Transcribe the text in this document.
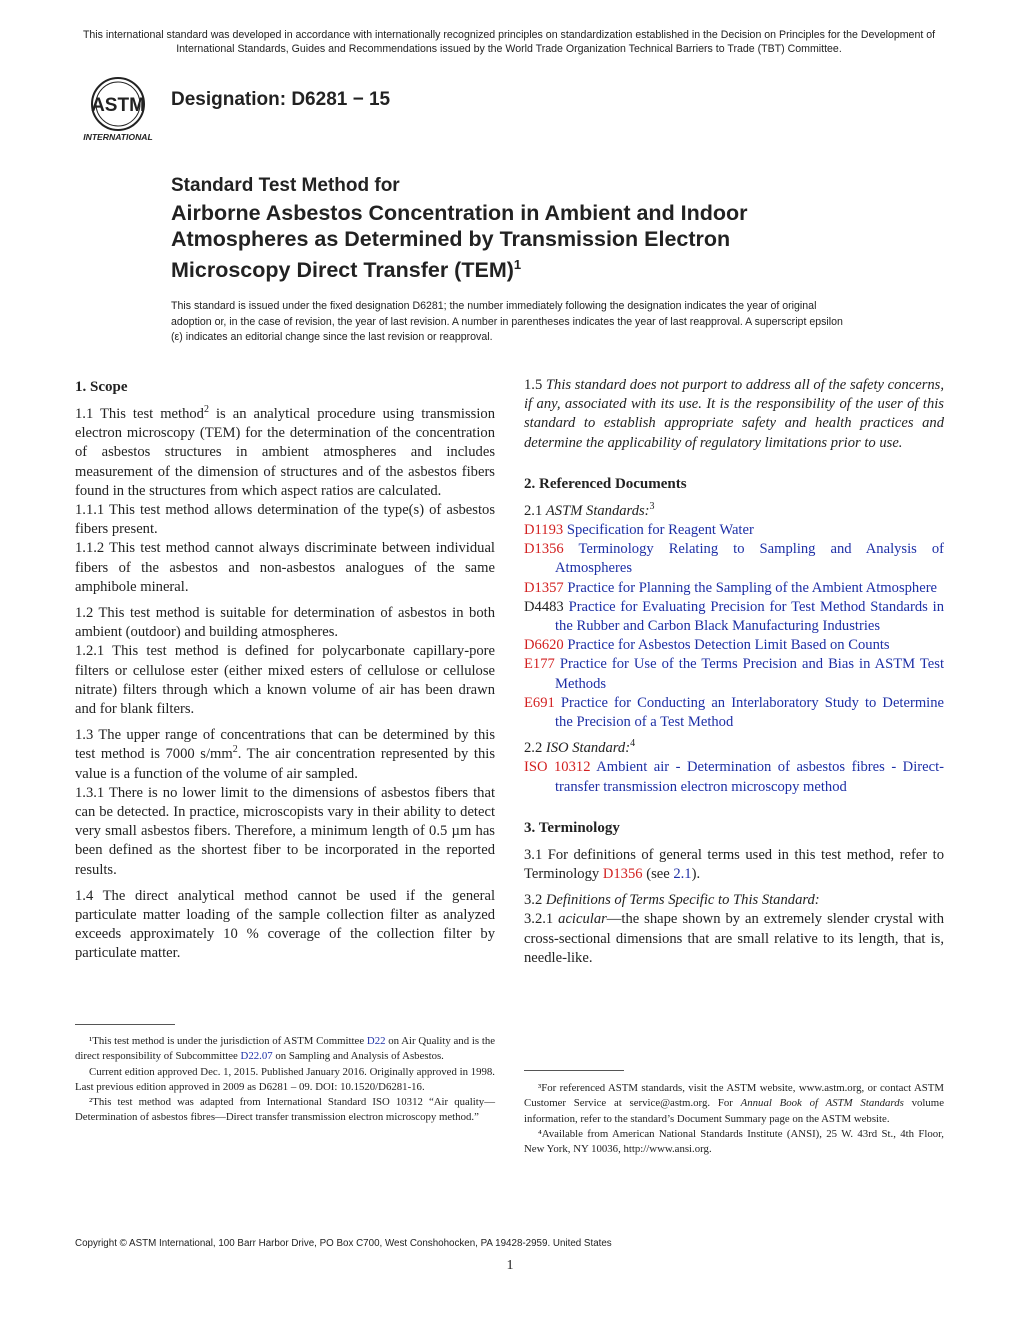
This international standard was developed in accordance with internationally recognized principles on standardization established in the Decision on Principles for the Development of International Standards, Guides and Recommendations issued by the World Trade Organization Technical Barriers to Trade (TBT) Committee.
ASTM
INTERNATIONAL
Designation: D6281 − 15
Standard Test Method for
Airborne Asbestos Concentration in Ambient and Indoor
Atmospheres as Determined by Transmission Electron
Microscopy Direct Transfer (TEM)$^1$
This standard is issued under the fixed designation D6281; the number immediately following the designation indicates the year of original adoption or, in the case of revision, the year of last revision. A number in parentheses indicates the year of last reapproval. A superscript epsilon (ε) indicates an editorial change since the last revision or reapproval.
1. Scope

1.1 This test method$^2$ is an analytical procedure using transmission electron microscopy (TEM) for the determination of the concentration of asbestos structures in ambient atmospheres and includes measurement of the dimension of structures and of the asbestos fibers found in the structures from which aspect ratios are calculated.

1.1.1 This test method allows determination of the type(s) of asbestos fibers present.

1.1.2 This test method cannot always discriminate between individual fibers of the asbestos and non-asbestos analogues of the same amphibole mineral.

1.2 This test method is suitable for determination of asbestos in both ambient (outdoor) and building atmospheres.

1.2.1 This test method is defined for polycarbonate capillary-pore filters or cellulose ester (either mixed esters of cellulose or cellulose nitrate) filters through which a known volume of air has been drawn and for blank filters.

1.3 The upper range of concentrations that can be determined by this test method is 7000 $s/mm^2$. The air concentration represented by this value is a function of the volume of air sampled.

1.3.1 There is no lower limit to the dimensions of asbestos fibers that can be detected. In practice, microscopists vary in their ability to detect very small asbestos fibers. Therefore, a minimum length of 0.5 µm has been defined as the shortest fiber to be incorporated in the reported results.

1.4 The direct analytical method cannot be used if the general particulate matter loading of the sample collection filter as analyzed exceeds approximately 10 % coverage of the collection filter by particulate matter.

1.5 This standard does not purport to address all of the safety concerns, if any, associated with its use. It is the responsibility of the user of this standard to establish appropriate safety and health practices and determine the applicability of regulatory limitations prior to use.

2. Referenced Documents

2.1 ASTM Standards:$^3$

D1193 Specification for Reagent Water

D1356 Terminology Relating to Sampling and Analysis of Atmospheres

D1357 Practice for Planning the Sampling of the Ambient Atmosphere

D4483 Practice for Evaluating Precision for Test Method Standards in the Rubber and Carbon Black Manufacturing Industries

D6620 Practice for Asbestos Detection Limit Based on Counts

E177 Practice for Use of the Terms Precision and Bias in ASTM Test Methods

E691 Practice for Conducting an Interlaboratory Study to Determine the Precision of a Test Method

2.2 ISO Standard:$^4$

ISO 10312 Ambient air - Determination of asbestos fibres - Direct-transfer transmission electron microscopy method

3. Terminology

3.1 For definitions of general terms used in this test method, refer to Terminology D1356 (see 2.1).

3.2 Definitions of Terms Specific to This Standard:

3.2.1 acicular—the shape shown by an extremely slender crystal with cross-sectional dimensions that are small relative to its length, that is, needle-like.

¹This test method is under the jurisdiction of ASTM Committee D22 on Air Quality and is the direct responsibility of Subcommittee D22.07 on Sampling and Analysis of Asbestos.

Current edition approved Dec. 1, 2015. Published January 2016. Originally approved in 1998. Last previous edition approved in 2009 as D6281 – 09. DOI: 10.1520/D6281-16.

²This test method was adapted from International Standard ISO 10312 “Air quality—Determination of asbestos fibres—Direct transfer transmission electron microscopy method.”

³For referenced ASTM standards, visit the ASTM website, www.astm.org, or contact ASTM Customer Service at service@astm.org. For Annual Book of ASTM Standards volume information, refer to the standard’s Document Summary page on the ASTM website.

⁴Available from American National Standards Institute (ANSI), 25 W. 43rd St., 4th Floor, New York, NY 10036, http://www.ansi.org.

Copyright © ASTM International, 100 Barr Harbor Drive, PO Box C700, West Conshohocken, PA 19428-2959. United States
1
